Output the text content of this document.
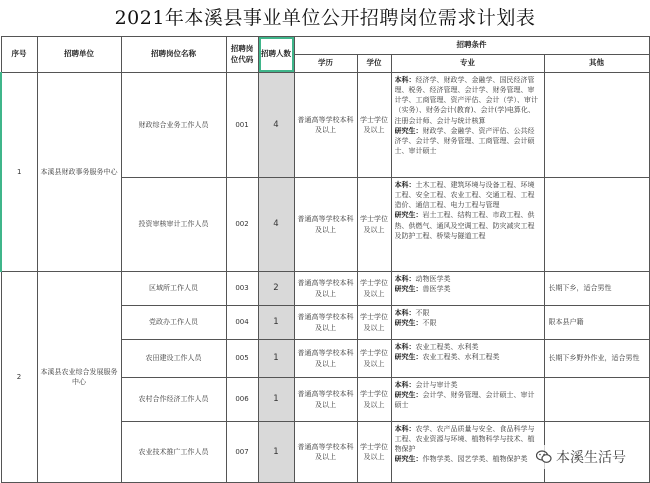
2021年本溪县事业单位公开招聘岗位需求计划表
序号	招聘单位	招聘岗位名称	招聘岗位代码	招聘人数	招聘条件			
					学历	学位	专业	其他
1	本溪县财政事务服务中心	财政综合业务工作人员	001	4	普通高等学校本科及以上	学士学位及以上	本科：经济学、财政学、金融学、国民经济管理、税务、经济管理、会计学、财务管理、审计学、工商管理、资产评估、会计（学）、审计（实务）、财务会计(教育)、会计(学)电算化、注册会计师、会计与统计核算
研究生：财政学、金融学、资产评估、公共经济学、会计学、财务管理、工商管理、会计硕士、审计硕士	

		投资审核审计工作人员	002	4	普通高等学校本科及以上	学士学位及以上	本科：土木工程、建筑环境与设备工程、环境工程、安全工程、农业工程、交通工程、工程造价、通信工程、电力工程与管理
研究生：岩土工程、结构工程、市政工程、供热、供燃气、通风及空调工程、防灾减灾工程及防护工程、桥梁与隧道工程	

2	本溪县农业综合发展服务中心	区域所工作人员	003	2	普通高等学校本科及以上	学士学位及以上	本科：动物医学类
研究生：兽医学类	长期下乡，适合男性
		党政办工作人员	004	1	普通高等学校本科及以上	学士学位及以上	本科：不限
研究生：不限	限本县户籍
		农田建设工作人员	005	1	普通高等学校本科及以上	学士学位及以上	本科：农业工程类、水利类
研究生：农业工程类、水利工程类	长期下乡野外作业，适合男性
		农村合作经济工作人员	006	1	普通高等学校本科及以上	学士学位及以上	本科：会计与审计类
研究生：会计学、财务管理、会计硕士、审计硕士	

		农业技术推广工作人员	007	1	普通高等学校本科及以上	学士学位及以上	本科：农学、农产品质量与安全、食品科学与工程、农业资源与环境、植物科学与技术、植物保护
研究生：作物学类、园艺学类、植物保护类	
		本溪生活号
